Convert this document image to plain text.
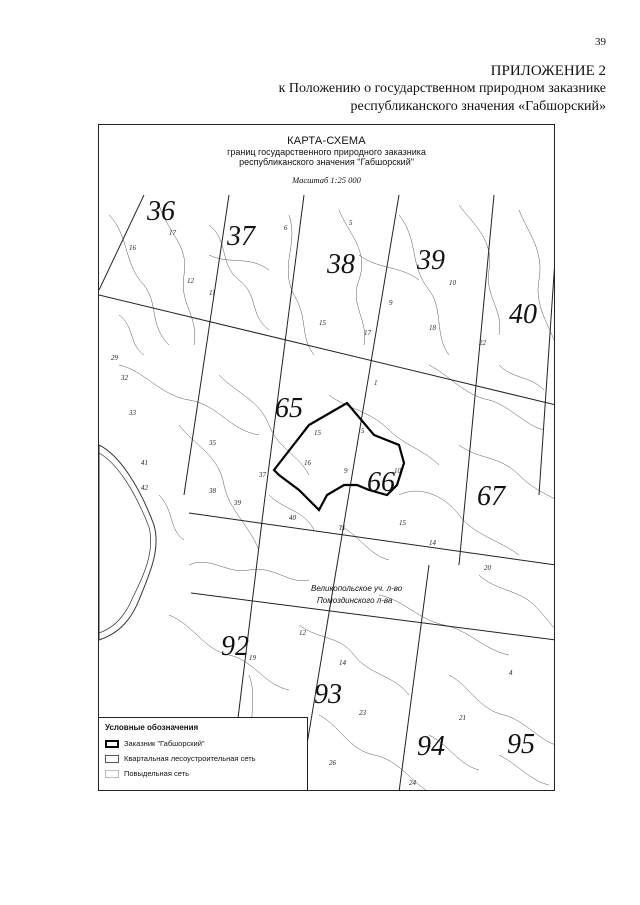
39
ПРИЛОЖЕНИЕ 2
к Положению о государственном природном заказнике
республиканского значения «Габшорский»
КАРТА-СХЕМА
границ государственного природного заказника
республиканского значения "Габшорский"
Масштаб 1:25 000
36
37
38 39
40
65
66	67
92
93
94 95
16
17
6
5
9
10
11
12
15
17
18
22
29
32
33
35
41
42	38
39
40
37
15
16
5
1
9	10
11
15
14
20
12
19
14
23
26
24
4
21
Великопольское уч. л-во
Помоздинского л-ва
Условные обозначения
Заказник "Габшорский"
Квартальная лесоустроительная сеть
Повыдельная сеть
